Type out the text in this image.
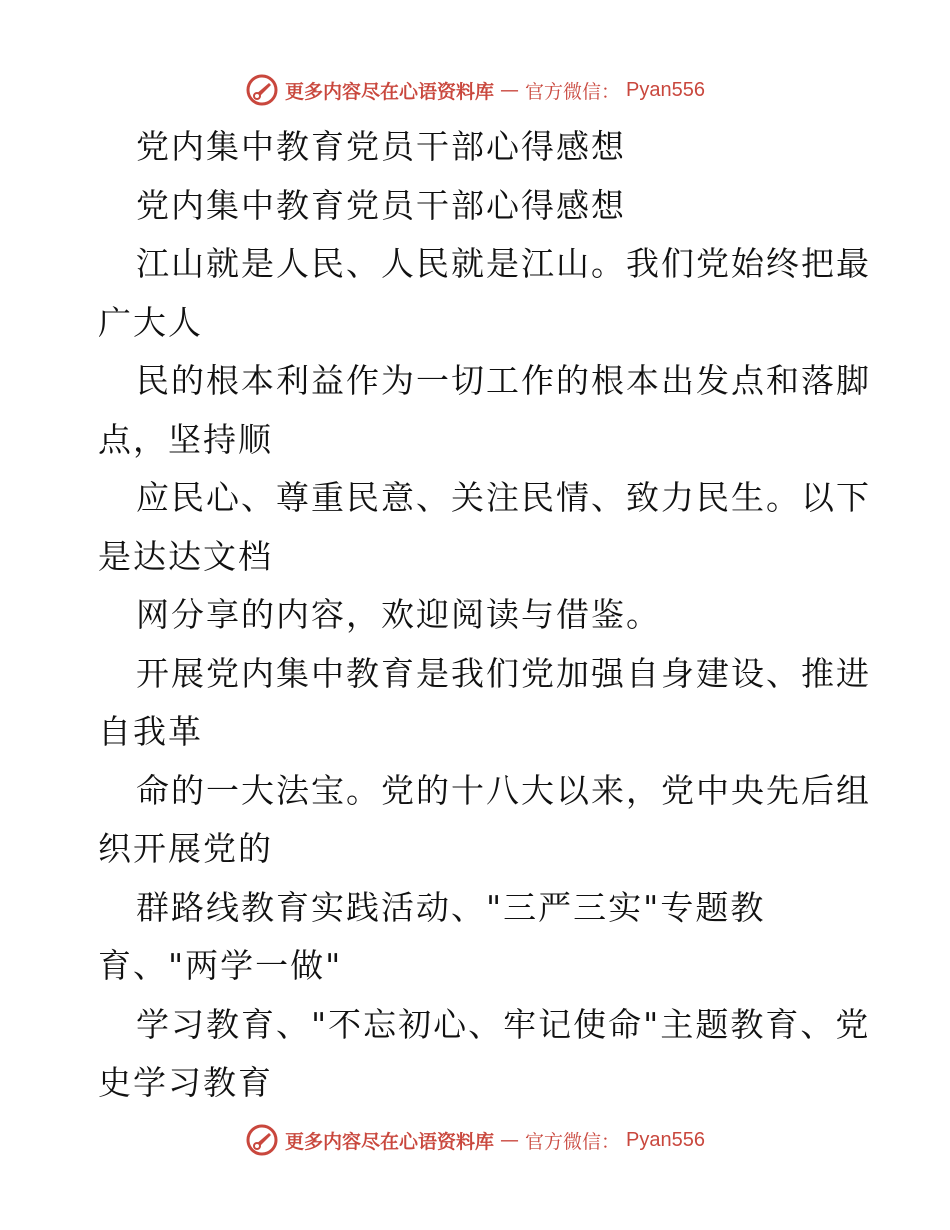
更多内容尽在心语资料库 — 官方微信： Pyan556
党内集中教育党员干部心得感想
党内集中教育党员干部心得感想
江山就是人民、人民就是江山。我们党始终把最
广大人
民的根本利益作为一切工作的根本出发点和落脚
点，坚持顺
应民心、尊重民意、关注民情、致力民生。以下
是达达文档
网分享的内容，欢迎阅读与借鉴。
开展党内集中教育是我们党加强自身建设、推进
自我革
命的一大法宝。党的十八大以来，党中央先后组
织开展党的
群路线教育实践活动、"三严三实"专题教
育、"两学一做"
学习教育、"不忘初心、牢记使命"主题教育、党
史学习教育
更多内容尽在心语资料库 — 官方微信： Pyan556
